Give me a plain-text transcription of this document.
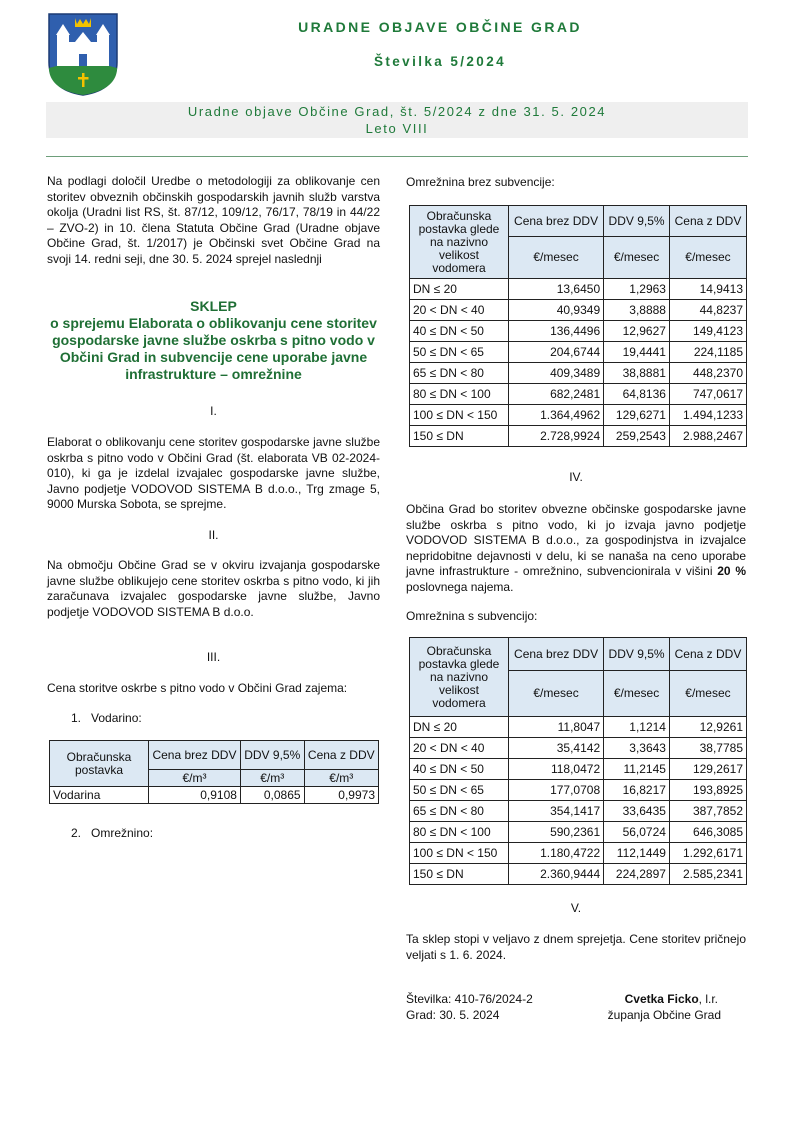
URADNE OBJAVE OBČINE GRAD
Številka 5/2024
Uradne objave Občine Grad, št. 5/2024 z dne 31. 5. 2024
Leto VIII
Na podlagi določil Uredbe o metodologiji za oblikovanje cen storitev obveznih občinskih gospodarskih javnih služb varstva okolja (Uradni list RS, št. 87/12, 109/12, 76/17, 78/19 in 44/22 – ZVO-2) in 10. člena Statuta Občine Grad (Uradne objave Občine Grad, št. 1/2017) je Občinski svet Občine Grad na svoji 14. redni seji, dne 30. 5. 2024 sprejel naslednji
SKLEP
o sprejemu Elaborata o oblikovanju cene storitev gospodarske javne službe oskrba s pitno vodo v Občini Grad in subvencije cene uporabe javne infrastrukture – omrežnine
I.
Elaborat o oblikovanju cene storitev gospodarske javne službe oskrba s pitno vodo v Občini Grad (št. elaborata VB 02-2024-010), ki ga je izdelal izvajalec gospodarske javne službe, Javno podjetje VODOVOD SISTEMA B d.o.o., Trg zmage 5, 9000 Murska Sobota, se sprejme.
II.
Na območju Občine Grad se v okviru izvajanja gospodarske javne službe oblikujejo cene storitev oskrba s pitno vodo, ki jih zaračunava izvajalec gospodarske javne službe, Javno podjetje VODOVOD SISTEMA B d.o.o.
III.
Cena storitve oskrbe s pitno vodo v Občini Grad zajema:
1.   Vodarino:
Obračunska postavka	Cena brez DDV	DDV 9,5%	Cena z DDV
	€/m³	€/m³	€/m³
Vodarina	0,9108	0,0865	0,9973
2.   Omrežnino:
Omrežnina brez subvencije:
Obračunska postavka glede na nazivno velikost vodomera	Cena brez DDV	DDV 9,5%	Cena z DDV
	€/mesec	€/mesec	€/mesec
DN ≤ 20	13,6450	1,2963	14,9413
20 < DN < 40	40,9349	3,8888	44,8237
40 ≤ DN < 50	136,4496	12,9627	149,4123
50 ≤ DN < 65	204,6744	19,4441	224,1185
65 ≤ DN < 80	409,3489	38,8881	448,2370
80 ≤ DN < 100	682,2481	64,8136	747,0617
100 ≤ DN < 150	1.364,4962	129,6271	1.494,1233
150 ≤ DN	2.728,9924	259,2543	2.988,2467
IV.
Občina Grad bo storitev obvezne občinske gospodarske javne službe oskrba s pitno vodo, ki jo izvaja javno podjetje VODOVOD SISTEMA B d.o.o., za gospodinjstva in izvajalce nepridobitne dejavnosti v delu, ki se nanaša na ceno uporabe javne infrastrukture - omrežnino, subvencionirala v višini 20 % poslovnega najema.
Omrežnina s subvencijo:
Obračunska postavka glede na nazivno velikost vodomera	Cena brez DDV	DDV 9,5%	Cena z DDV
	€/mesec	€/mesec	€/mesec
DN ≤ 20	11,8047	1,1214	12,9261
20 < DN < 40	35,4142	3,3643	38,7785
40 ≤ DN < 50	118,0472	11,2145	129,2617
50 ≤ DN < 65	177,0708	16,8217	193,8925
65 ≤ DN < 80	354,1417	33,6435	387,7852
80 ≤ DN < 100	590,2361	56,0724	646,3085
100 ≤ DN < 150	1.180,4722	112,1449	1.292,6171
150 ≤ DN	2.360,9444	224,2897	2.585,2341
V.
Ta sklep stopi v veljavo z dnem sprejetja. Cene storitev pričnejo veljati s 1. 6. 2024.
Številka: 410-76/2024-2
Grad: 30. 5. 2024
Cvetka Ficko, l.r.
županja Občine Grad
